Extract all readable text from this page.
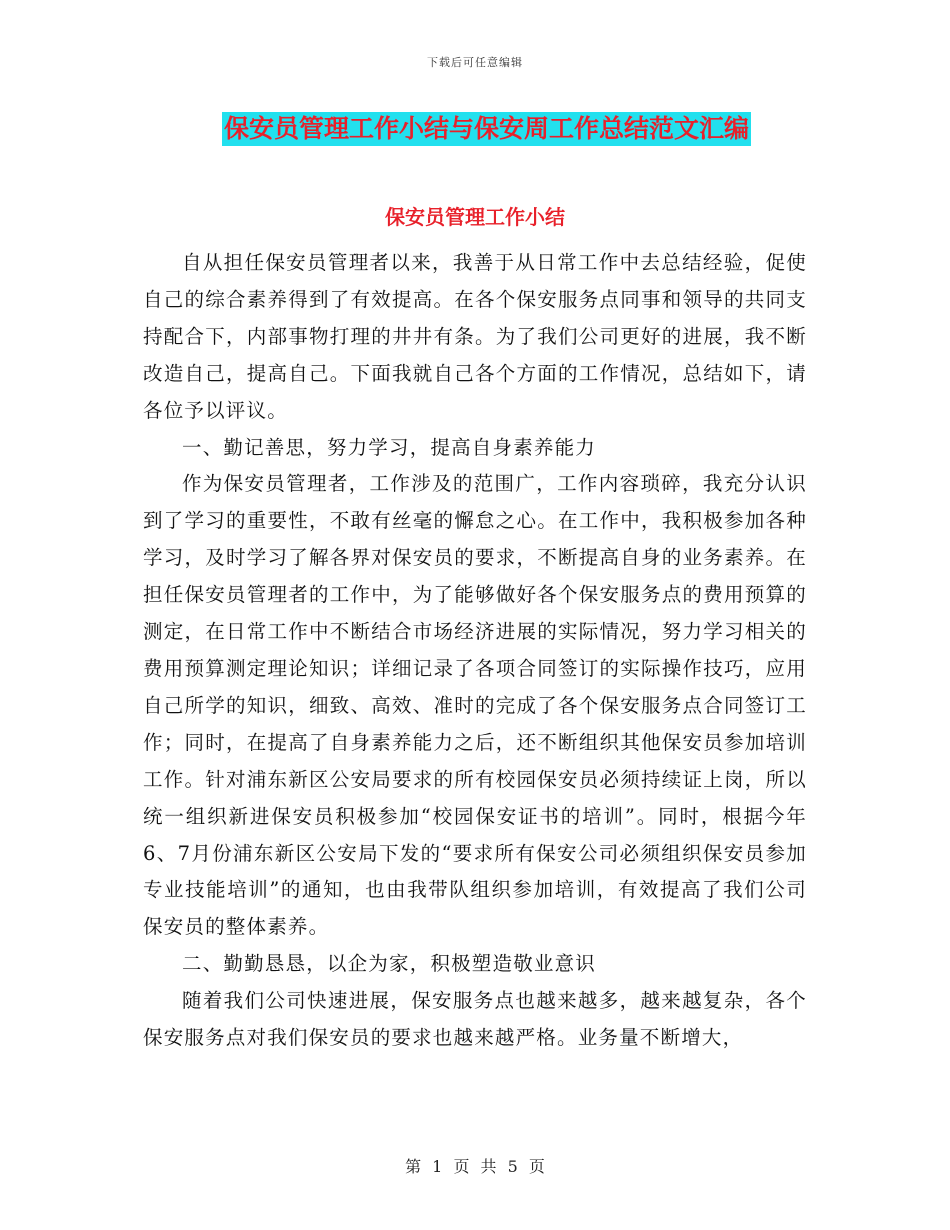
下载后可任意编辑
保安员管理工作小结与保安周工作总结范文汇编
保安员管理工作小结

自从担任保安员管理者以来，我善于从日常工作中去总结经验，促使自己的综合素养得到了有效提高。在各个保安服务点同事和领导的共同支持配合下，内部事物打理的井井有条。为了我们公司更好的进展，我不断改造自己，提高自己。下面我就自己各个方面的工作情况，总结如下，请各位予以评议。

一、勤记善思，努力学习，提高自身素养能力

作为保安员管理者，工作涉及的范围广，工作内容琐碎，我充分认识到了学习的重要性，不敢有丝毫的懈怠之心。在工作中，我积极参加各种学习，及时学习了解各界对保安员的要求，不断提高自身的业务素养。在担任保安员管理者的工作中，为了能够做好各个保安服务点的费用预算的测定，在日常工作中不断结合市场经济进展的实际情况，努力学习相关的费用预算测定理论知识；详细记录了各项合同签订的实际操作技巧，应用自己所学的知识，细致、高效、准时的完成了各个保安服务点合同签订工作；同时，在提高了自身素养能力之后，还不断组织其他保安员参加培训工作。针对浦东新区公安局要求的所有校园保安员必须持续证上岗，所以统一组织新进保安员积极参加“校园保安证书的培训”。同时，根据今年6、7月份浦东新区公安局下发的“要求所有保安公司必须组织保安员参加专业技能培训”的通知，也由我带队组织参加培训，有效提高了我们公司保安员的整体素养。

二、勤勤恳恳，以企为家，积极塑造敬业意识

随着我们公司快速进展，保安服务点也越来越多，越来越复杂，各个保安服务点对我们保安员的要求也越来越严格。业务量不断增大，

第 1 页 共 5 页
